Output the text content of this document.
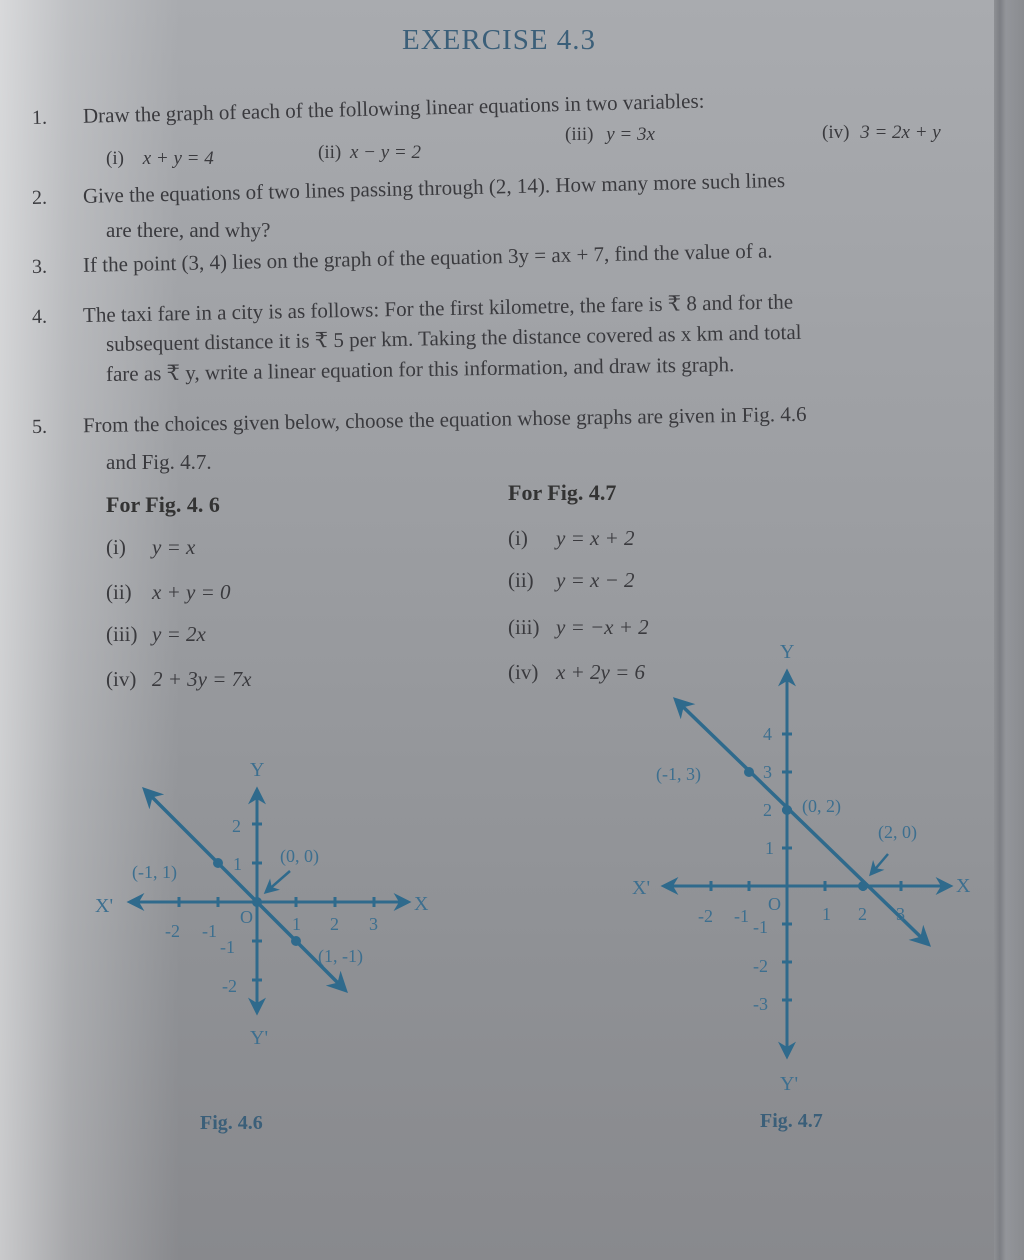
EXERCISE 4.3
1. Draw the graph of each of the following linear equations in two variables:
(i) x + y = 4	(ii) x − y = 2
(iii) y = 3x	(iv) 3 = 2x + y
2. Give the equations of two lines passing through (2, 14). How many more such lines
are there, and why?
3. If the point (3, 4) lies on the graph of the equation 3y = ax + 7, find the value of a.
4. The taxi fare in a city is as follows: For the first kilometre, the fare is ₹ 8 and for the
subsequent distance it is ₹ 5 per km. Taking the distance covered as x km and total
fare as ₹ y, write a linear equation for this information, and draw its graph.
5. From the choices given below, choose the equation whose graphs are given in Fig. 4.6
and Fig. 4.7.
For Fig. 4. 6	For Fig. 4.7
(i) y = x
(ii) x + y = 0
(iii) y = 2x
(iv) 2 + 3y = 7x
(i) y = x + 2
(ii) y = x − 2
(iii) y = −x + 2
(iv) x + 2y = 6
Y
Y'
X
X'	O
-2 -1	1 2 3
2
1
-1
-2
(-1, 1)
(0, 0)
(1, -1)
Fig. 4.6
Y
Y'
X
X'
O
-2 -1	1 2 3
4
3
2
1
-1
-2
-3
(-1, 3)
(0, 2)
(2, 0)
Fig. 4.7
